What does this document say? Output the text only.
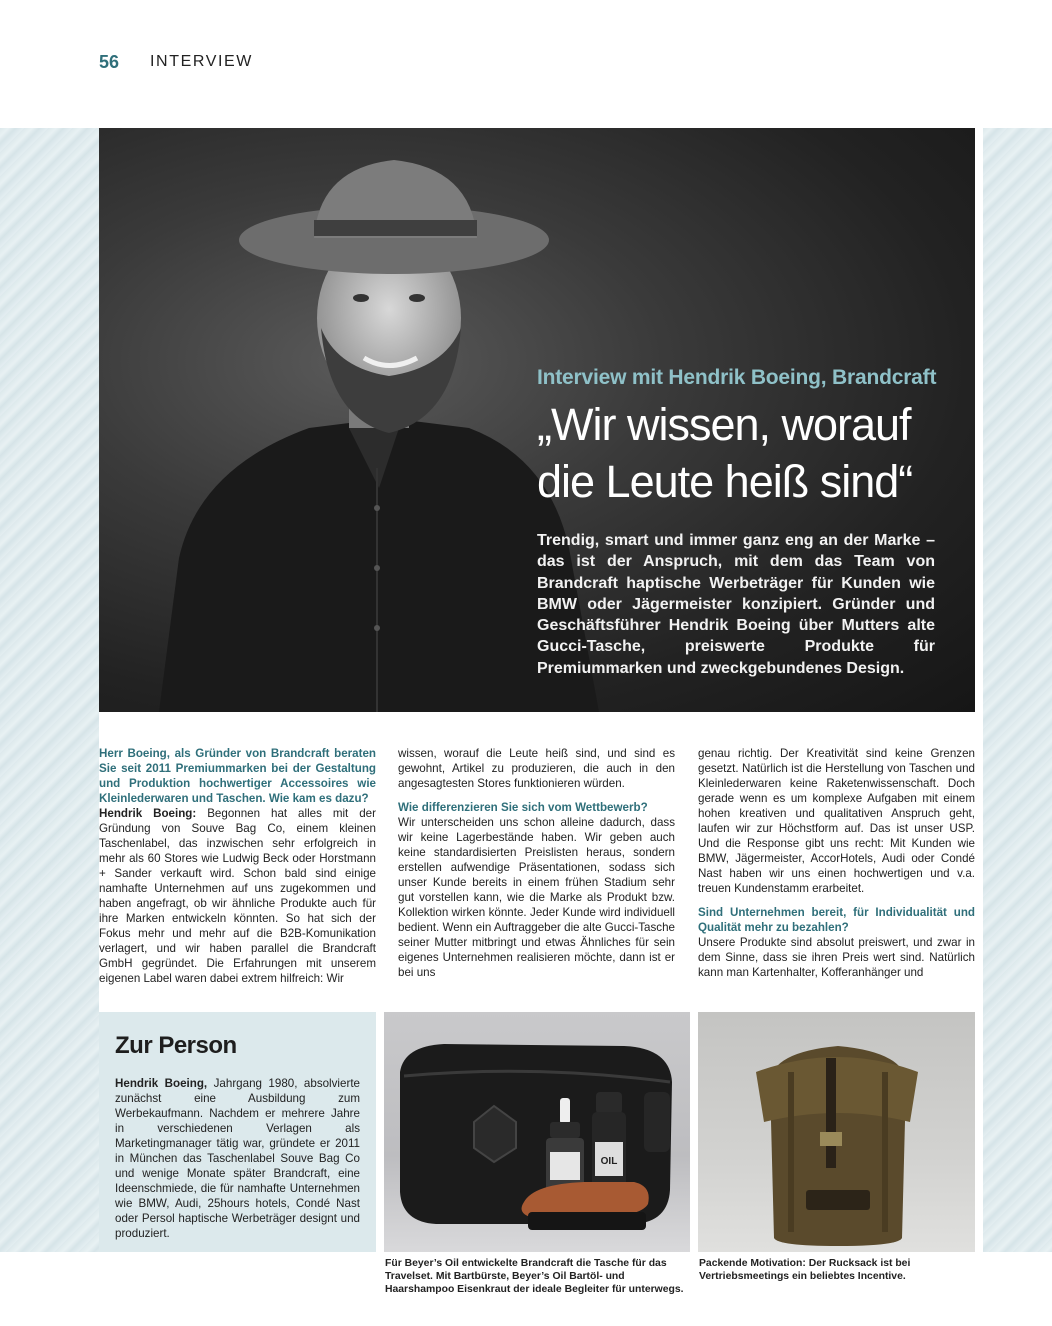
56 INTERVIEW
Interview mit Hendrik Boeing, Brandcraft
„Wir wissen, worauf
die Leute heiß sind“
Trendig, smart und immer ganz eng an der Marke – das ist der Anspruch, mit dem das Team von Brandcraft haptische Werbeträger für Kunden wie BMW oder Jägermeister konzipiert. Gründer und Geschäftsführer Hendrik Boeing über Mutters alte Gucci-Tasche, preiswerte Produkte für Premiummarken und zweckgebundenes Design.

Herr Boeing, als Gründer von Brandcraft beraten Sie seit 2011 Premiummarken bei der Gestaltung und Produktion hochwertiger Accessoires wie Kleinlederwaren und Taschen. Wie kam es dazu?

Hendrik Boeing: Begonnen hat alles mit der Gründung von Souve Bag Co, einem kleinen Taschenlabel, das inzwischen sehr erfolgreich in mehr als 60 Stores wie Ludwig Beck oder Horstmann + Sander verkauft wird. Schon bald sind einige namhafte Unternehmen auf uns zugekommen und haben angefragt, ob wir ähnliche Produkte auch für ihre Marken entwickeln könnten. So hat sich der Fokus mehr und mehr auf die B2B-Komunikation verlagert, und wir haben parallel die Brandcraft GmbH gegründet. Die Erfahrungen mit unserem eigenen Label waren dabei extrem hilfreich: Wir

wissen, worauf die Leute heiß sind, und sind es gewohnt, Artikel zu produzieren, die auch in den angesagtesten Stores funktionieren würden.

Wie differenzieren Sie sich vom Wettbewerb?

Wir unterscheiden uns schon alleine dadurch, dass wir keine Lagerbestände haben. Wir geben auch keine standardisierten Preislisten heraus, sondern erstellen aufwendige Präsentationen, sodass sich unser Kunde bereits in einem frühen Stadium sehr gut vorstellen kann, wie die Marke als Produkt bzw. Kollektion wirken könnte. Jeder Kunde wird individuell bedient. Wenn ein Auftraggeber die alte Gucci-Tasche seiner Mutter mitbringt und etwas Ähnliches für sein eigenes Unternehmen realisieren möchte, dann ist er bei uns

genau richtig. Der Kreativität sind keine Grenzen gesetzt. Natürlich ist die Herstellung von Taschen und Kleinlederwaren keine Raketenwissenschaft. Doch gerade wenn es um komplexe Aufgaben mit einem hohen kreativen und qualitativen Anspruch geht, laufen wir zur Höchstform auf. Das ist unser USP. Und die Response gibt uns recht: Mit Kunden wie BMW, Jägermeister, AccorHotels, Audi oder Condé Nast haben wir uns einen hochwertigen und v.a. treuen Kundenstamm erarbeitet.

Sind Unternehmen bereit, für Individualität und Qualität mehr zu bezahlen?

Unsere Produkte sind absolut preiswert, und zwar in dem Sinne, dass sie ihren Preis wert sind. Natürlich kann man Kartenhalter, Kofferanhänger und

Zur Person
Hendrik Boeing, Jahrgang 1980, absolvierte zunächst eine Ausbildung zum Werbekaufmann. Nachdem er mehrere Jahre in verschiedenen Verlagen als Marketingmanager tätig war, gründete er 2011 in München das Taschenlabel Souve Bag Co und wenige Monate später Brandcraft, eine Ideenschmiede, die für namhafte Unternehmen wie BMW, Audi, 25hours hotels, Condé Nast oder Persol haptische Werbeträger designt und produziert.
OIL
Für Beyer’s Oil entwickelte Brandcraft die Tasche für das Travelset. Mit Bartbürste, Beyer’s Oil Bartöl- und Haarshampoo Eisenkraut der ideale Begleiter für unterwegs.
Packende Motivation: Der Rucksack ist bei Vertriebsmeetings ein beliebtes Incentive.
